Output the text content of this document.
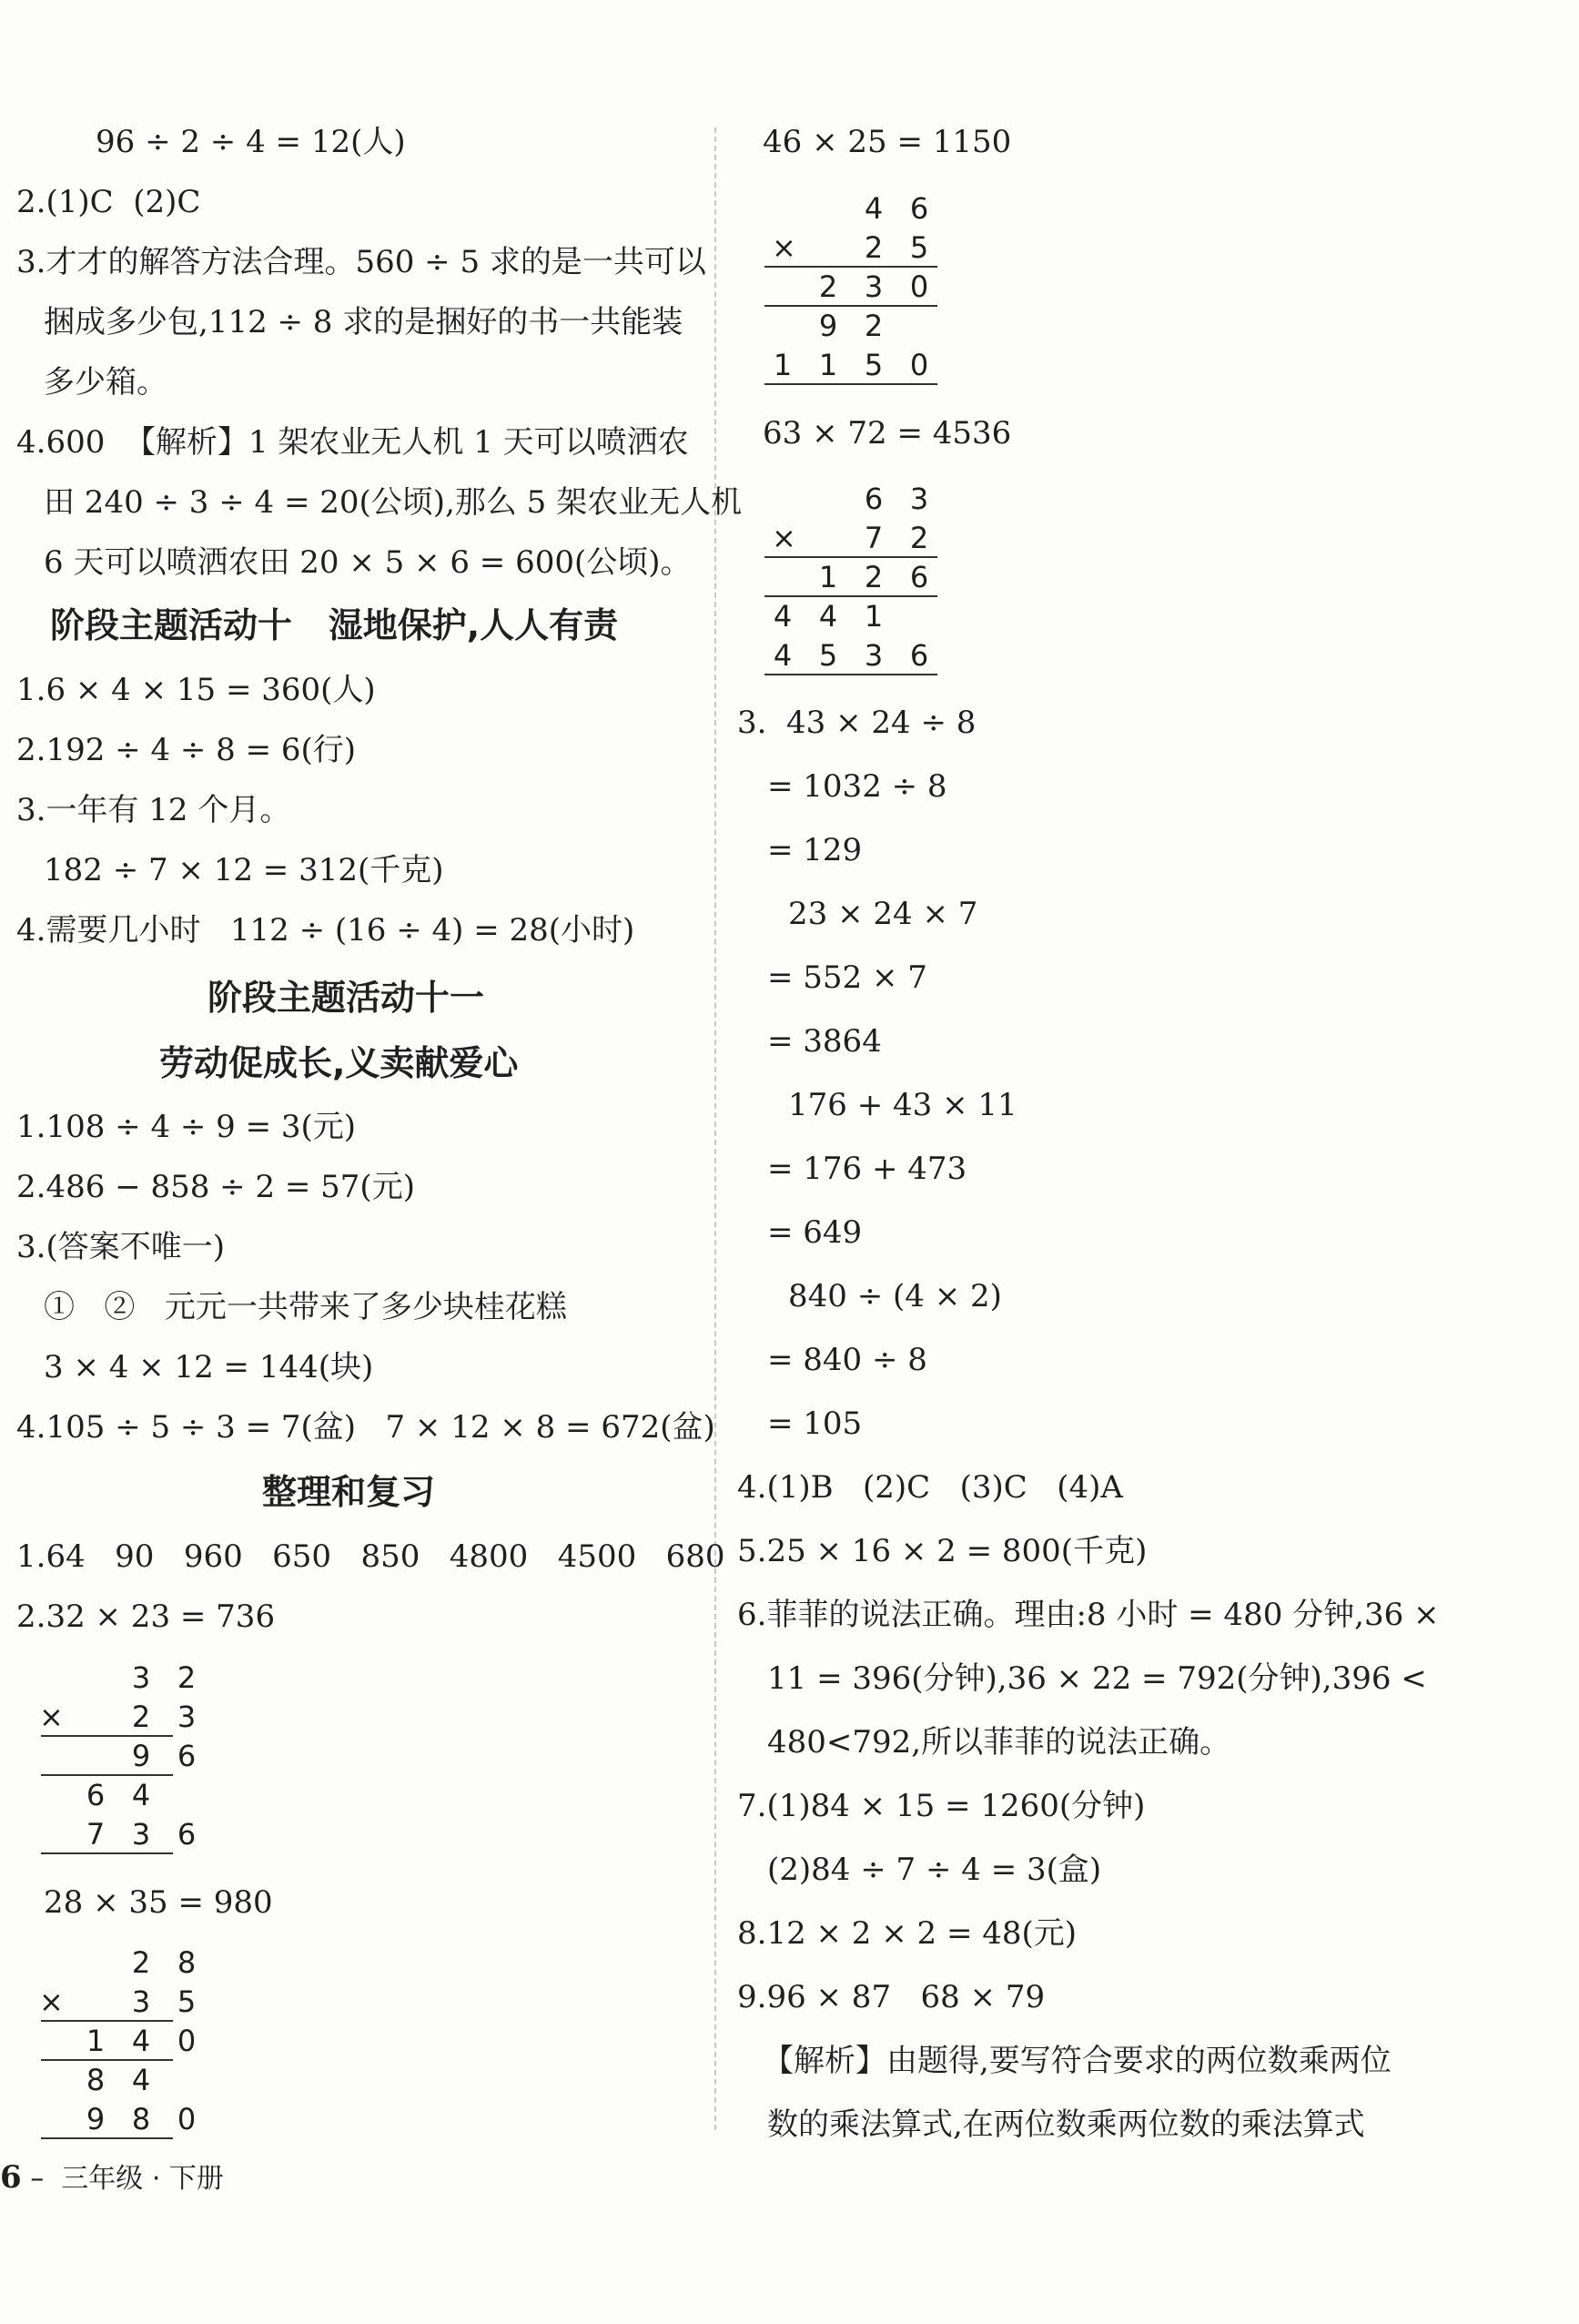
96 ÷ 2 ÷ 4 = 12(人)
2.(1)C  (2)C
3.才才的解答方法合理。560 ÷ 5 求的是一共可以
捆成多少包,112 ÷ 8 求的是捆好的书一共能装
多少箱。
4.600  【解析】1 架农业无人机 1 天可以喷洒农
田 240 ÷ 3 ÷ 4 = 20(公顷),那么 5 架农业无人机
6 天可以喷洒农田 20 × 5 × 6 = 600(公顷)。
阶段主题活动十   湿地保护,人人有责
1.6 × 4 × 15 = 360(人)
2.192 ÷ 4 ÷ 8 = 6(行)
3.一年有 12 个月。
182 ÷ 7 × 12 = 312(千克)
4.需要几小时   112 ÷ (16 ÷ 4) = 28(小时)
阶段主题活动十一
劳动促成长,义卖献爱心
1.108 ÷ 4 ÷ 9 = 3(元)
2.486 − 858 ÷ 2 = 57(元)
3.(答案不唯一)
①   ②   元元一共带来了多少块桂花糕
3 × 4 × 12 = 144(块)
4.105 ÷ 5 ÷ 3 = 7(盆)   7 × 12 × 8 = 672(盆)
整理和复习
1.64   90   960   650   850   4800   4500   680
2.32 × 23 = 736
28 × 35 = 980
46 × 25 = 1150
63 × 72 = 4536
3.  43 × 24 ÷ 8
= 1032 ÷ 8
= 129
23 × 24 × 7
= 552 × 7
= 3864
176 + 43 × 11
= 176 + 473
= 649
840 ÷ (4 × 2)
= 840 ÷ 8
= 105
4.(1)B   (2)C   (3)C   (4)A
5.25 × 16 × 2 = 800(千克)
6.菲菲的说法正确。理由:8 小时 = 480 分钟,36 ×
11 = 396(分钟),36 × 22 = 792(分钟),396 <
480<792,所以菲菲的说法正确。
7.(1)84 × 15 = 1260(分钟)
(2)84 ÷ 7 ÷ 4 = 3(盒)
8.12 × 2 × 2 = 48(元)
9.96 × 87   68 × 79
【解析】由题得,要写符合要求的两位数乘两位
数的乘法算式,在两位数乘两位数的乘法算式
3 2
× 2 3
9 6
6 4
7 3 6
2 8
× 3 5
1 4 0
8 4
9 8 0
4 6
× 2 5
2 3 0
9 2
1 1 5 0
6 3
× 7 2
1 2 6
4 4 1
4 5 3 6
6 – 三年级 · 下册
